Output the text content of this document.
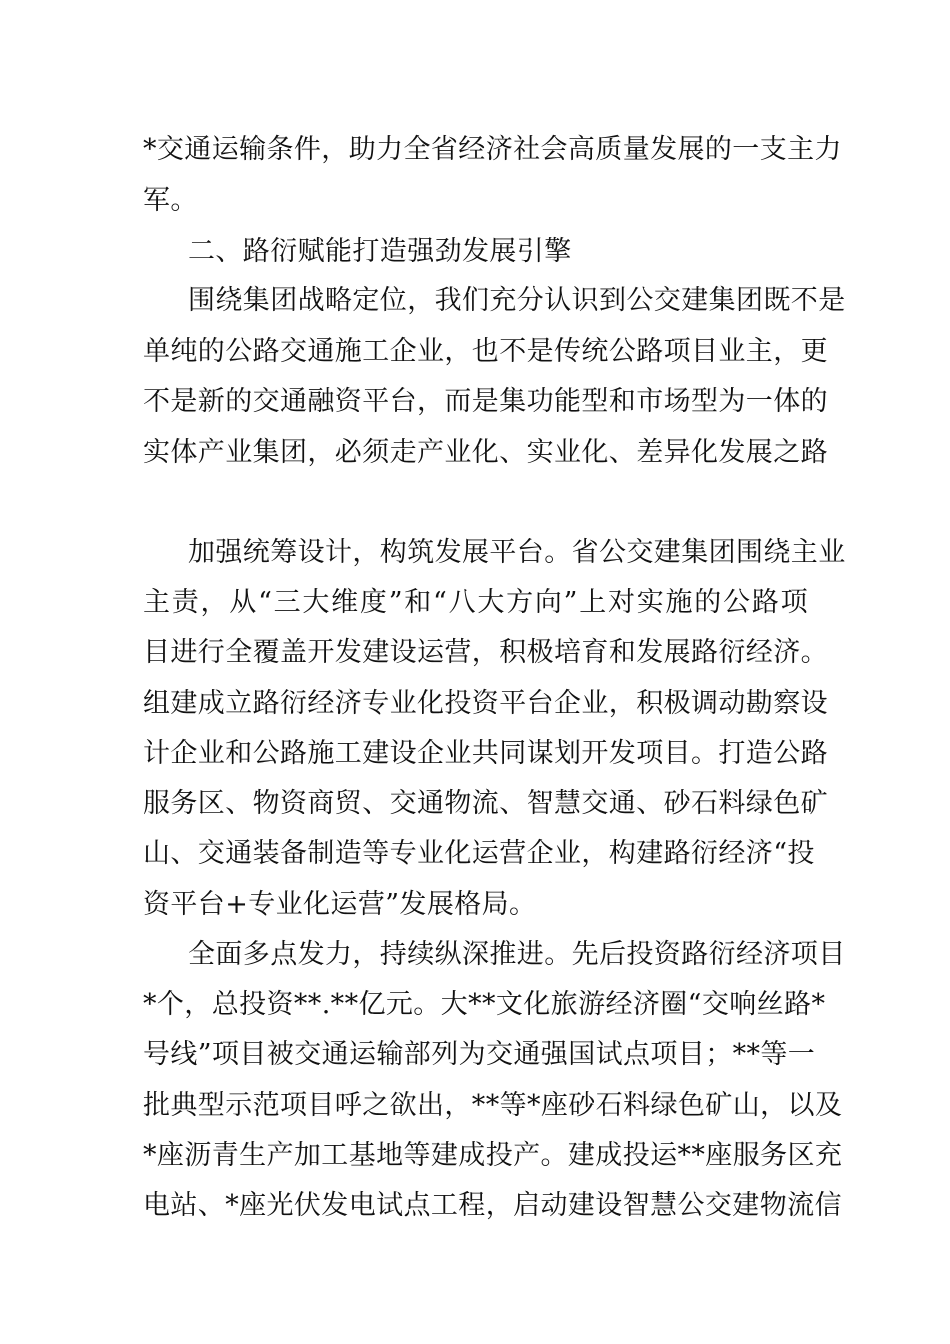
*交通运输条件，助力全省经济社会高质量发展的一支主力
军。
二、路衍赋能打造强劲发展引擎
围绕集团战略定位，我们充分认识到公交建集团既不是
单纯的公路交通施工企业，也不是传统公路项目业主，更
不是新的交通融资平台，而是集功能型和市场型为一体的
实体产业集团，必须走产业化、实业化、差异化发展之路
加强统筹设计，构筑发展平台。省公交建集团围绕主业
主责，从“三大维度”和“八大方向”上对实施的公路项
目进行全覆盖开发建设运营，积极培育和发展路衍经济。
组建成立路衍经济专业化投资平台企业，积极调动勘察设
计企业和公路施工建设企业共同谋划开发项目。打造公路
服务区、物资商贸、交通物流、智慧交通、砂石料绿色矿
山、交通装备制造等专业化运营企业，构建路衍经济“投
资平台+专业化运营”发展格局。
全面多点发力，持续纵深推进。先后投资路衍经济项目
*个，总投资**.**亿元。大**文化旅游经济圈“交响丝路*
号线”项目被交通运输部列为交通强国试点项目；**等一
批典型示范项目呼之欲出，**等*座砂石料绿色矿山，以及
*座沥青生产加工基地等建成投产。建成投运**座服务区充
电站、*座光伏发电试点工程，启动建设智慧公交建物流信
